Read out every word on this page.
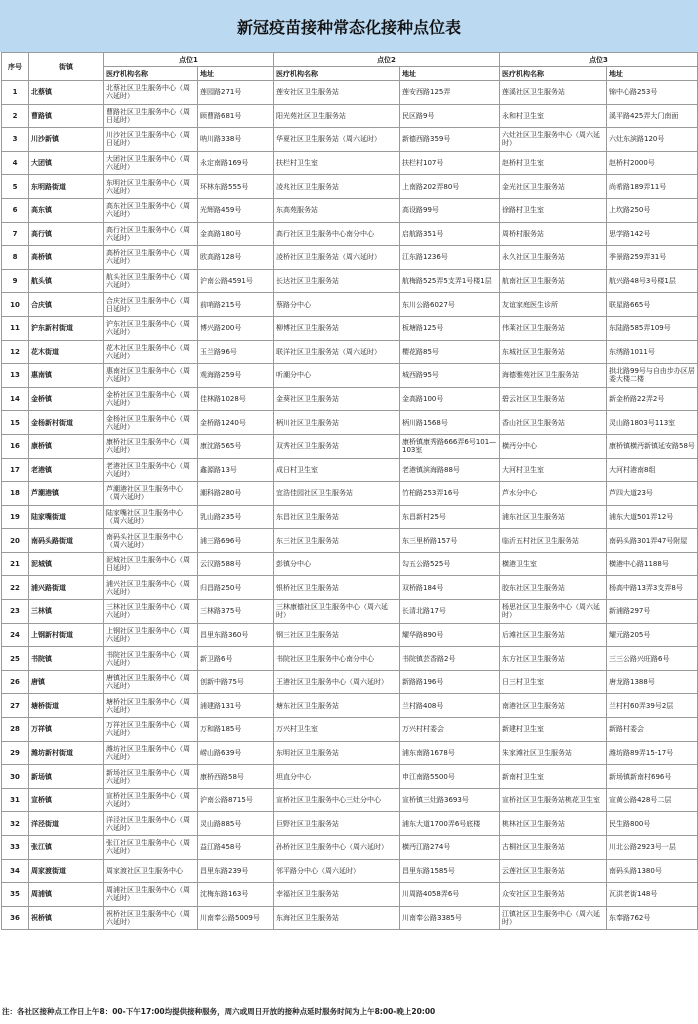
新冠疫苗接种常态化接种点位表
序号	街镇	点位1		点位2		点位3	
		医疗机构名称	地址	医疗机构名称	地址	医疗机构名称	地址
1	北蔡镇	北蔡社区卫生服务中心（周六延时）	莲园路271号	莲安社区卫生服务站	莲安西路125弄	莲溪社区卫生服务站	锦中心路253号
2	曹路镇	曹路社区卫生服务中心（周日延时）	顾曹路681号	阳光苑社区卫生服务站	民区路9号	永和村卫生室	溪平路425弄大门南面
3	川沙新镇	川沙社区卫生服务中心（周日延时）	呐川路338号	华夏社区卫生服务站（周六延时）	新德西路359号	六灶社区卫生服务中心（周六延时）	六灶东滨路120号
4	大团镇	大团社区卫生服务中心（周六延时）	永定南路169号	扶栏村卫生室	扶栏村107号	赵桥村卫生室	赵桥村2000号
5	东明路街道	东明社区卫生服务中心（周六延时）	环林东路555号	凌兆社区卫生服务站	上南路202弄80号	金光社区卫生服务站	尚希路189弄11号
6	高东镇	高东社区卫生服务中心（周六延时）	光辉路459号	东高苑服务站	高设路99号	徐路村卫生室	上坎路250号
7	高行镇	高行社区卫生服务中心（周六延时）	金高路180号	高行社区卫生服务中心南分中心	启航路351号	周桥村服务站	思学路142号
8	高桥镇	高桥社区卫生服务中心（周六延时）	欧高路128号	凌桥社区卫生服务站（周六延时）	江东路1236号	永久社区卫生服务站	季景路259弄31号
9	航头镇	航头社区卫生服务中心（周六延时）	沪南公路4591号	长达社区卫生服务站	航梅路525弄5支弄1号楼1层	航南社区卫生服务站	航兴路48号3号楼1层
10	合庆镇	合庆社区卫生服务中心（周日延时）	前哨路215号	蔡路分中心	东川公路6027号	友谊家庭医生诊所	联星路665号
11	沪东新村街道	沪东社区卫生服务中心（周六延时）	博兴路200号	柳博社区卫生服务站	板塘路125号	伟莱社区卫生服务站	东陆路585弄109号
12	花木街道	花木社区卫生服务中心（周六延时）	玉兰路96号	联洋社区卫生服务站（周六延时）	樱花路85号	东城社区卫生服务站	东绣路1011号
13	惠南镇	惠南社区卫生服务中心（周六延时）	观海路259号	听潮分中心	城西路95号	海德雅苑社区卫生服务站	拱北路99号与自由步办区居委大楼二楼
14	金桥镇	金桥社区卫生服务中心（周六延时）	佳林路1028号	金葵社区卫生服务站	金高路100号	碧云社区卫生服务站	新金桥路22弄2号
15	金杨新村街道	金杨社区卫生服务中心（周六延时）	金桥路1240号	柄川社区卫生服务站	柄川路1568号	香山社区卫生服务站	灵山路1803号113室
16	康桥镇	康桥社区卫生服务中心（周六延时）	康沈路565号	双秀社区卫生服务站	康桥镇康秀路666弄6号101—103室	横沔分中心	康桥镇横沔新镇延安路58号
17	老港镇	老港社区卫生服务中心（周六延时）	鑫源路13号	成日村卫生室	老港镇滨海路88号	大河村卫生室	大河村港南8组
18	芦潮港镇	芦潮港社区卫生服务中心（周六延时）	潮科路280号	宜浩佳园社区卫生服务站	竹柏路253弄16号	芦水分中心	芦四大道23号
19	陆家嘴街道	陆家嘴社区卫生服务中心（周六延时）	乳山路235号	东昌社区卫生服务站	东昌新村25号	浦东社区卫生服务站	浦东大道501弄12号
20	南码头路街道	南码头社区卫生服务中心（周六延时）	浦三路696号	东三社区卫生服务站	东三里桥路157号	临沂五村社区卫生服务站	南码头路301弄47号附屋
21	泥城镇	泥城社区卫生服务中心（周日延时）	云汉路588号	彭镇分中心	勾五公路525号	横港卫生室	横港中心路1188号
22	浦兴路街道	浦兴社区卫生服务中心（周六延时）	归昌路250号	银桥社区卫生服务站	双桥路184号	胶东社区卫生服务站	杨高中路13弄3支弄8号
23	三林镇	三林社区卫生服务中心（周六延时）	三林路375号	三林康德社区卫生服务中心（周六延时）	长清北路17号	杨思社区卫生服务中心（周六延时）	新浦路297号
24	上钢新村街道	上钢社区卫生服务中心（周六延时）	昌里东路360号	钢三社区卫生服务站	耀华路890号	后滩社区卫生服务站	耀元路205号
25	书院镇	书院社区卫生服务中心（周六延时）	新卫路6号	书院社区卫生服务中心南分中心	书院镇芸香路2号	东方社区卫生服务站	三三公路兴旺路6号
26	唐镇	唐镇社区卫生服务中心（周六延时）	创新中路75号	王港社区卫生服务中心（周六延时）	新路路196号	日三村卫生室	唐龙路1388号
27	塘桥街道	塘桥社区卫生服务中心（周六延时）	浦建路131号	塘东社区卫生服务站	兰村路408号	南港社区卫生服务站	兰村村60弄39号2层
28	万祥镇	万祥社区卫生服务中心（周六延时）	万和路185号	万兴村卫生室	万兴村村委会	新建村卫生室	新路村委会
29	潍坊新村街道	潍坊社区卫生服务中心（周六延时）	崂山路639号	东明社区卫生服务站	浦东南路1678号	朱家滩社区卫生服务站	潍坊路89弄15-17号
30	新场镇	新场社区卫生服务中心（周六延时）	康桥西路58号	坦直分中心	申江南路5500号	新南村卫生室	新场镇新南村696号
31	宣桥镇	宣桥社区卫生服务中心（周六延时）	沪南公路8715号	宣桥社区卫生服务中心三灶分中心	宣桥镇三灶路3693号	宣桥社区卫生服务站桃花卫生室	宣黄公路428号二层
32	洋泾街道	洋泾社区卫生服务中心（周六延时）	灵山路885号	巨野社区卫生服务站	浦东大道1700弄6号底楼	桃林社区卫生服务站	民生路800号
33	张江镇	张江社区卫生服务中心（周六延时）	益江路458号	孙桥社区卫生服务中心（周六延时）	横沔江路274号	古桐社区卫生服务站	川北公路2923号一层
34	周家渡街道	周家渡社区卫生服务中心	昌里东路239号	邻平路分中心（周六延时）	昌里东路1585号	云莲社区卫生服务站	南码头路1380号
35	周浦镇	周浦社区卫生服务中心（周六延时）	沈梅东路163号	幸福社区卫生服务站	川周路4058弄6号	众安社区卫生服务站	瓦洪老街148号
36	祝桥镇	祝桥社区卫生服务中心（周六延时）	川南奉公路5009号	东海社区卫生服务站	川南奉公路3385号	江镇社区卫生服务中心（周六延时）	东奉路762号
注：各社区接种点工作日上午8：00-下午17:00均提供接种服务，周六或周日开放的接种点延时服务时间为上午8:00-晚上20:00
